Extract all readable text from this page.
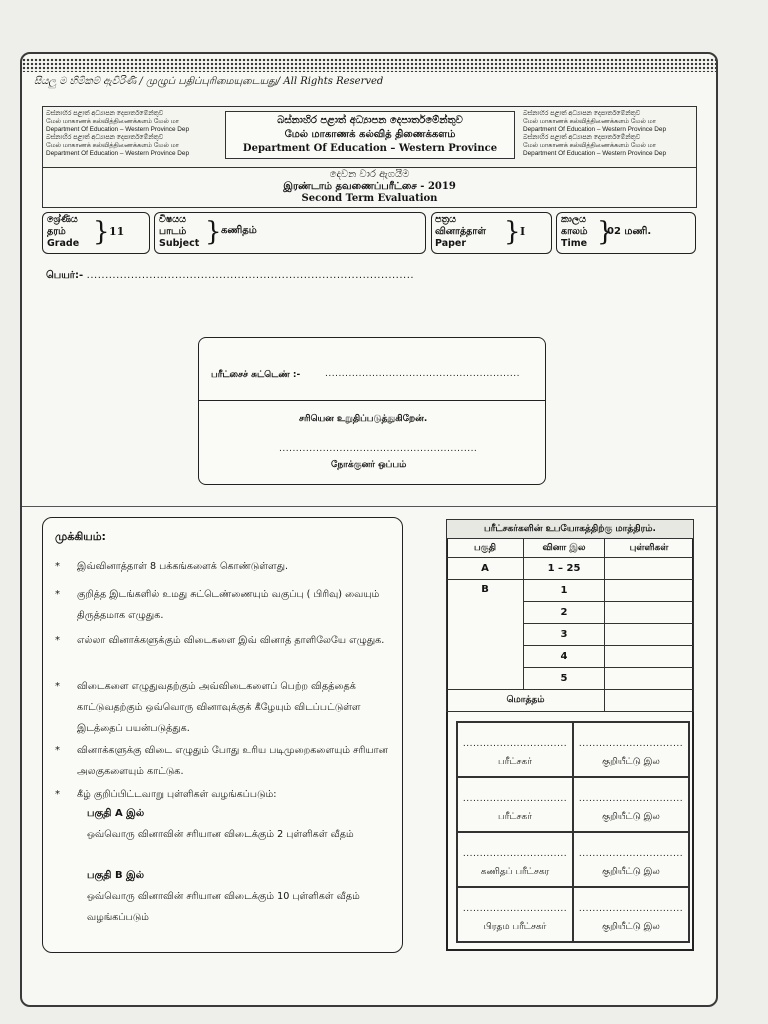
සියලු ම හිමිකම් ඇවිරිණි / முழுப் பதிப்புரிமையுடையது/ All Rights Reserved
බස්නාහිර පළාත් අධ්‍යාපන දෙපාර්තමේන්තුව
மேல் மாகாணக் கல்வித்திணைக்களம் மேல் மா
Department Of Education – Western Province Dep
බස්නාහිර පළාත් අධ්‍යාපන දෙපාර්තමේන්තුව
மேல் மாகாணக் கல்வித்திணைக்களம் மேல் மா
Department Of Education – Western Province Dep
බස්නාහිර පළාත් අධ්‍යාපන දෙපාර්තමේන්තුව
மேல் மாகாணக் கல்வித் திணைக்களம்
Department Of Education – Western Province
බස්නාහිර පළාත් අධ්‍යාපන දෙපාර්තමේන්තුව
மேல் மாகாணக் கல்வித்திணைக்களம் மேல் மா
Department Of Education – Western Province Dep
බස්නාහිර පළාත් අධ්‍යාපන දෙපාර්තමේන්තුව
மேல் மாகாணக் கல்வித்திணைக்களம் மேல் மா
Department Of Education – Western Province Dep
දෙවන වාර ඇගයීම
இரண்டாம் தவணைப்பரீட்சை - 2019
Second Term Evaluation
ශ්‍රේණිය
தரம்
Grade } 11
විෂයය
பாடம்
Subject } கணிதம்
පත්‍රය
வினாத்தாள்
Paper	} I
කාලය
காலம்
Time }
02 மணி.
பெயர்:- .........................................................................................
பரீட்சைச் சுட்டெண் :-	..........................................................
சரியென உறுதிப்படுத்துகிறேன்.
...........................................................
நோக்குனர் ஒப்பம்
முக்கியம்:
*	இவ்வினாத்தாள் 8 பக்கங்களைக் கொண்டுள்ளது.
*	குறித்த இடங்களில் உமது சுட்டெண்ணையும் வகுப்பு ( பிரிவு) வையும் திருத்தமாக எழுதுக.
*	எல்லா வினாக்களுக்கும் விடைகளை இவ் வினாத் தாளிலேயே எழுதுக.
*	விடைகளை எழுதுவதற்கும் அவ்விடைகளைப் பெற்ற விதத்தைக் காட்டுவதற்கும் ஒவ்வொரு வினாவுக்குக் கீழேயும் விடப்பட்டுள்ள இடத்தைப் பயன்படுத்துக.
*	வினாக்களுக்கு விடை எழுதும் போது உரிய படிமுறைகளையும் சரியான அலகுகளையும் காட்டுக.
*	கீழ் குறிப்பிட்டவாறு புள்ளிகள் வழங்கப்படும்:
பகுதி A இல்
ஒவ்வொரு வினாவின் சரியான விடைக்கும் 2 புள்ளிகள் வீதம்
பகுதி B இல்
ஒவ்வொரு வினாவின் சரியான விடைக்கும் 10 புள்ளிகள் வீதம் வழங்கப்படும்
பரீட்சகர்களின் உபயோகத்திற்கு மாத்திரம்.		
பகுதி	வினா இல	புள்ளிகள்
A	1 – 25	
B	1	
	2	
	3	
	4	
	5	
மொத்தம்		
...............................
பரீட்சகர்
...............................
குறியீட்டு இல
...............................
பரீட்சகர்
...............................
குறியீட்டு இல
...............................
கணிதப் பரீட்சகர
...............................
குறியீட்டு இல
...............................
பிரதம பரீட்சகர்
...............................
குறியீட்டு இல
